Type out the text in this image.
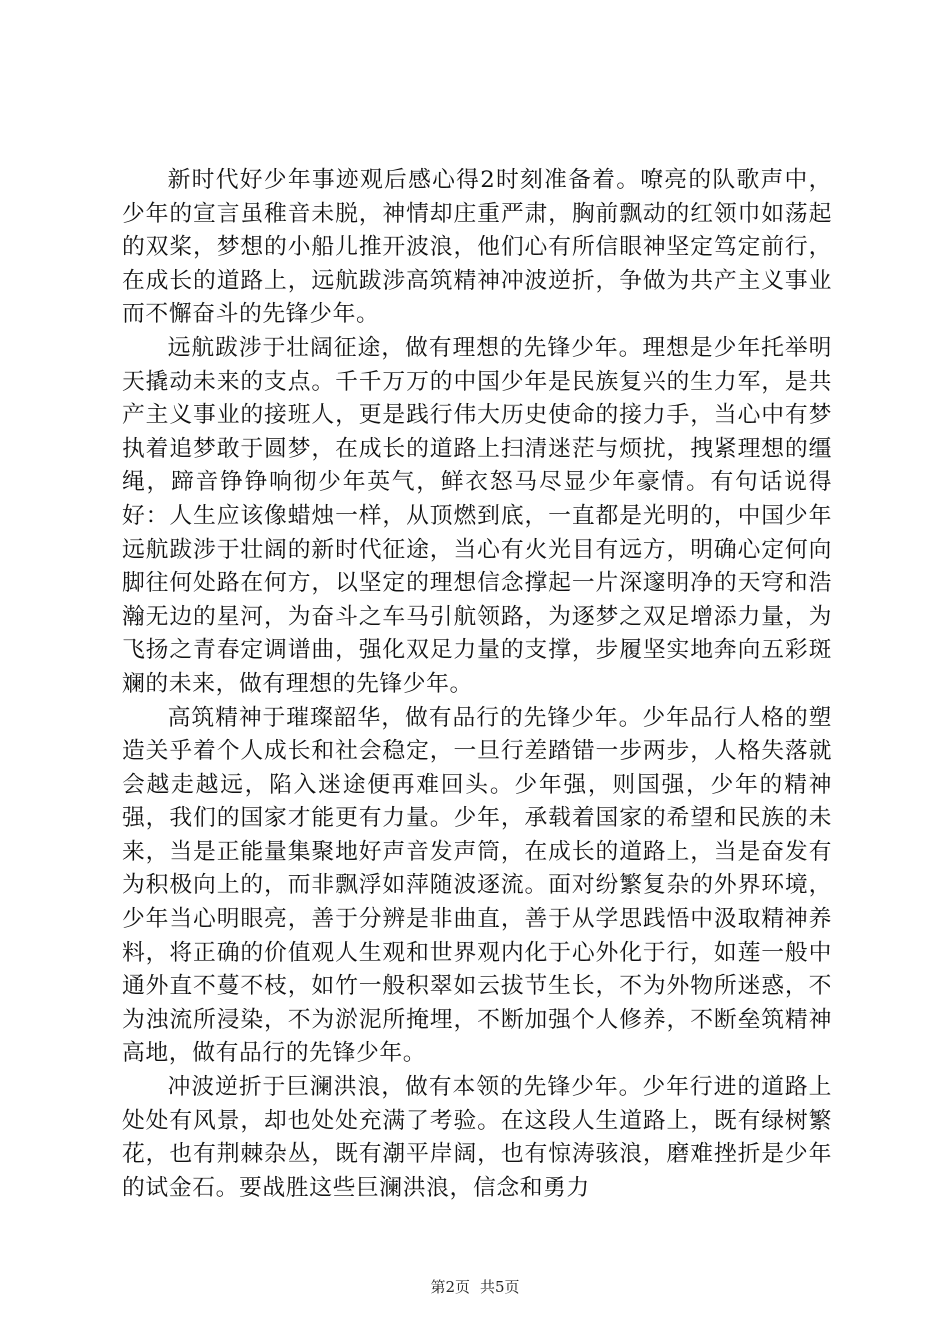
新时代好少年事迹观后感心得2时刻准备着。嘹亮的队歌声中，少年的宣言虽稚音未脱，神情却庄重严肃，胸前飘动的红领巾如荡起的双桨，梦想的小船儿推开波浪，他们心有所信眼神坚定笃定前行，在成长的道路上，远航跋涉高筑精神冲波逆折，争做为共产主义事业而不懈奋斗的先锋少年。

远航跋涉于壮阔征途，做有理想的先锋少年。理想是少年托举明天撬动未来的支点。千千万万的中国少年是民族复兴的生力军，是共产主义事业的接班人，更是践行伟大历史使命的接力手，当心中有梦执着追梦敢于圆梦，在成长的道路上扫清迷茫与烦扰，拽紧理想的缰绳，蹄音铮铮响彻少年英气，鲜衣怒马尽显少年豪情。有句话说得好：人生应该像蜡烛一样，从顶燃到底，一直都是光明的，中国少年远航跋涉于壮阔的新时代征途，当心有火光目有远方，明确心定何向脚往何处路在何方，以坚定的理想信念撑起一片深邃明净的天穹和浩瀚无边的星河，为奋斗之车马引航领路，为逐梦之双足增添力量，为飞扬之青春定调谱曲，强化双足力量的支撑，步履坚实地奔向五彩斑斓的未来，做有理想的先锋少年。

高筑精神于璀璨韶华，做有品行的先锋少年。少年品行人格的塑造关乎着个人成长和社会稳定，一旦行差踏错一步两步，人格失落就会越走越远，陷入迷途便再难回头。少年强，则国强，少年的精神强，我们的国家才能更有力量。少年，承载着国家的希望和民族的未来，当是正能量集聚地好声音发声筒，在成长的道路上，当是奋发有为积极向上的，而非飘浮如萍随波逐流。面对纷繁复杂的外界环境，少年当心明眼亮，善于分辨是非曲直，善于从学思践悟中汲取精神养料，将正确的价值观人生观和世界观内化于心外化于行，如莲一般中通外直不蔓不枝，如竹一般积翠如云拔节生长，不为外物所迷惑，不为浊流所浸染，不为淤泥所掩埋，不断加强个人修养，不断垒筑精神高地，做有品行的先锋少年。

冲波逆折于巨澜洪浪，做有本领的先锋少年。少年行进的道路上处处有风景，却也处处充满了考验。在这段人生道路上，既有绿树繁花，也有荆棘杂丛，既有潮平岸阔，也有惊涛骇浪，磨难挫折是少年的试金石。要战胜这些巨澜洪浪，信念和勇力

第2页 共5页
